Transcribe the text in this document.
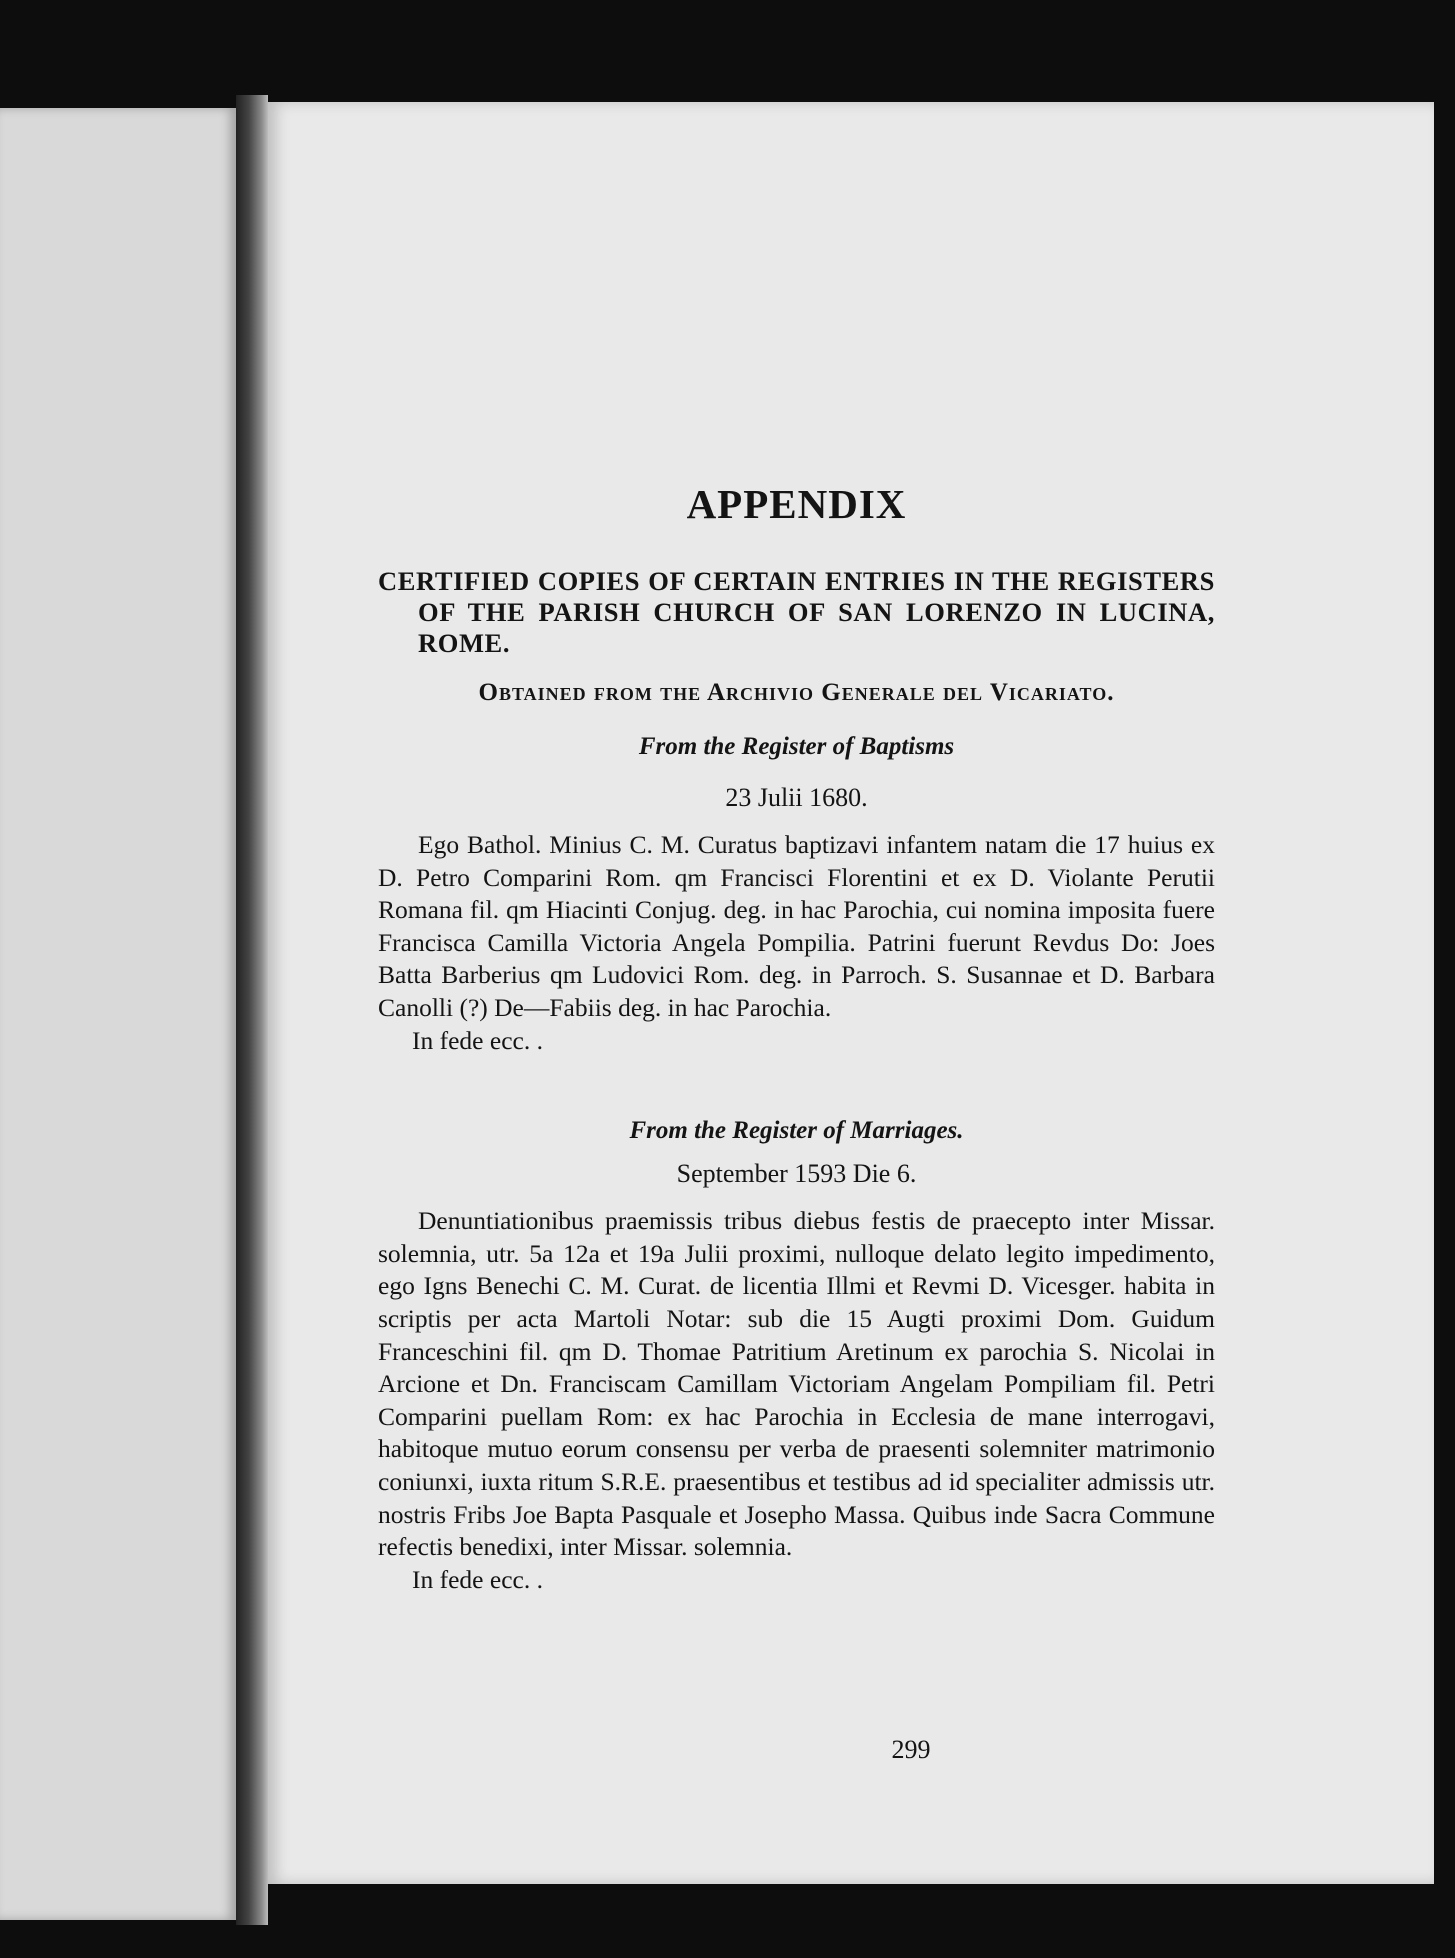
299
APPENDIX

CERTIFIED COPIES OF CERTAIN ENTRIES IN THE REGISTERS OF THE PARISH CHURCH OF SAN LORENZO IN LUCINA, ROME.

Obtained from the Archivio Generale del Vicariato.

From the Register of Baptisms

23 Julii 1680.

Ego Bathol. Minius C. M. Curatus baptizavi infantem natam die 17 huius ex D. Petro Comparini Rom. qm Francisci Florentini et ex D. Violante Perutii Romana fil. qm Hiacinti Conjug. deg. in hac Parochia, cui nomina imposita fuere Francisca Camilla Victoria Angela Pompilia. Patrini fuerunt Revdus Do: Joes Batta Barberius qm Ludovici Rom. deg. in Parroch. S. Susannae et D. Barbara Canolli (?) De—Fabiis deg. in hac Parochia.

In fede ecc. .

From the Register of Marriages.

September 1593 Die 6.

Denuntiationibus praemissis tribus diebus festis de praecepto inter Missar. solemnia, utr. 5a 12a et 19a Julii proximi, nulloque delato legito impedimento, ego Igns Benechi C. M. Curat. de licentia Illmi et Revmi D. Vicesger. habita in scriptis per acta Martoli Notar: sub die 15 Augti proximi Dom. Guidum Franceschini fil. qm D. Thomae Patritium Aretinum ex parochia S. Nicolai in Arcione et Dn. Franciscam Camillam Victoriam Angelam Pompiliam fil. Petri Comparini puellam Rom: ex hac Parochia in Ecclesia de mane interrogavi, habitoque mutuo eorum consensu per verba de praesenti solemniter matrimonio coniunxi, iuxta ritum S.R.E. praesentibus et testibus ad id specialiter admissis utr. nostris Fribs Joe Bapta Pasquale et Josepho Massa. Quibus inde Sacra Commune refectis benedixi, inter Missar. solemnia.

In fede ecc. .
